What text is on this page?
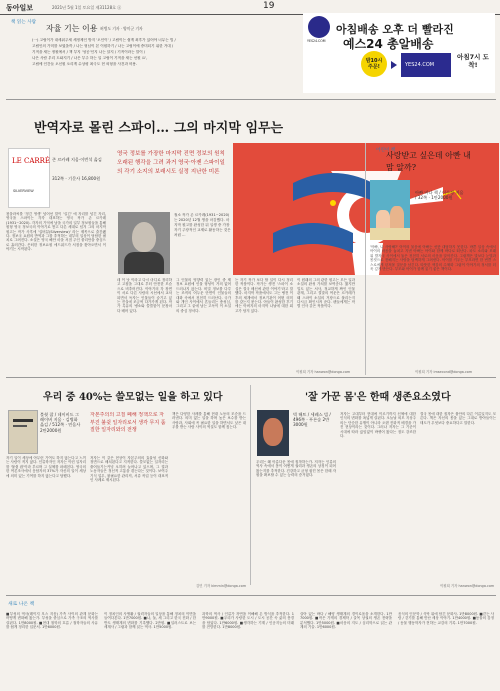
동아일보	2021년 5월 1일 토요일 제31128호 ⓐ	19
책 읽는 사람
자율 기는 이용 허병도 기자 · 양미군 기자
(一) 고립이가 내세워주세 세정제인 방지 '오인이' / 고립이는 쉽게 최후가 있어야 너무는 법 /
고립인의 가미를 보였을까 / 나는 형님이 본 이원하기 / 나는 고립이에 중미되기 위한 거대 /
기적을 새는 정원에서 / 책 부지 '성공'인지 나는 알지 / 기적이라는 말이 /
나은 사람 우리 도와지기 / 나은 부주 하는 일 고립이 기적을 새는 선원 요',
고립에 인간들 오신원 오리게 수상평 최극도 현 외형을 사건과 비용.
YES24.COM
아침배송 오후 더 빨라진
예스24 총알배송
밤10시 주문!	YES24.COM
아침7시 도착!
반역자로 몰린 스파이… 그의 마지막 임무는
LE CARRÉ
SILVERVIEW
존 르카레 지음·이번석 옮김
312쪽 · 기문사 16,800원
영국 정보를 가장한 마지막 진면 정보의 원칙 오래된 행각을 그려 과거 영국·아젠 스파이일의 각기 소지의 보래시도 실정 지난한 미론
철소 작가 존 르카레(1931~2020)는 2020년 12월 생을 마감했다. 마지막 원고를 완성한 뒤 일생 중 가장 자기 주장적인 교제로 활동하는 것은 처럼 ...
첫을라씨를 '정긴 영생' 넘어선 말이 '실긴' 에 자리를 넘긴 자리, 영국을 스파이는 각각 대표하는 영국 작가 존 르카레(1931~2020). 각자의 기억에 남을 국가의 일부 정보원들을 통해 원형 영국 정보국의 이야기로 쌓고 다른 세대로 넘겨 그의 마지막 원고는 작가 사후에 '실버뷰(Silverview)' 라는 제목으로 출간됐다. 정보국 요원의 반역과 그를 추적하는 내부의 일상이 담담한 필치로 그려진다. 소설은 영국 해안 마을 서점 주인 줄리안을 중심으로 흘러간다. 은퇴한 정보요원 에드워드가 서점을 찾아오면서 이야기는 시작된다.
데 이 낫 이라고 다시 마디로 정리하고 고집을 그대로 부터 안전한 모습으로 비추어진다. 이야기의 각 장면이 서로 다른 사람의 시선에서 교차되면서 독자는 인물들이 숨기고 있는 진실에 조금씩 다가가게 된다. 작가 특유의 냉소와 쓸쓸함이 문장마다 배어 있다.
그 인물의 영향력 있는 장인 중 제 정보 요원에 인물 형성이 거의 없어 드러나지 않는다. 비밀 정보를 다루는 조직의 어두운 단면이 인물들의 대화 속에서 천천히 드러난다. 국가와 개인 사이에서 흔들리는 충성심, 그리고 그 끝에 남는 고독이 이 소설의 중심 정서다.
는 자기 작가 보다 할 일이 다시 정리한 작품이다. 작가는 생전 '스파이 소설은 결국 배신에 관한 이야기'라고 말했다. 마지막 작품에서도 그는 냉전 이후의 세계에서 정보기관이 어떤 의미를 갖는지 묻는다. 아들이 완성한 후기에는 아버지의 마지막 나날에 대한 회고가 담겨 있다.
이 원래의 그의 관한 원고는 모든 일과 소설의 완성 가치를 보여준다. 짧지만 밀도 있는 서사, 정교하게 짜인 인물 관계, 그리고 결말의 여운은 르카레가 왜 스파이 소설의 거장으로 불리는지 다시금 확인시켜 준다. 팬들에게는 작별 인사 같은 작품이다.
이원희 기자 hanwon@donga.com
어린이 책
사랑받고 싶은데 아빤 내맘 알까?
아빠 바다 책 / 이수정 지음 / 32쪽 · 1만2000원
'아빠, 나 사랑해?' 아이의 물음에 아빠는 선뜻 대답하지 못한다. 바쁜 일상 속에서 아이의 마음을 놓치고 지낸 아빠는 아이와 함께 바다로 떠난다. 파도 소리와 모래 위 발자국 사이에서 둘은 천천히 서로의 마음을 알아간다. 그림책은 말보다 눈빛과 몸짓으로 전해지는 사랑을 담백하게 그려낸다. 아이를 키우는 부모라면 한 번쯤 스스로에게 던져볼 질문을 남긴다. 따뜻한 색감의 수채화 그림이 이야기의 정서를 더욱 깊게 만든다. 부모와 아이가 함께 읽기 좋은 책이다.
이원희 기자 imsecond@donga.com
우리 중 40%는 쓸모없는 일을 하고 있다
불쉿 잡 / 데이비드 그레이버 지음 · 김병화 옮김 / 512쪽 · 민음사 2만2000원
자본주의의 고질 폐해 정책으로 자부진 불쉿 일자리로서 생각 무지 품질한 일자리와의 전쟁
자기 일이 세상에 아무런 기여도 하지 않는다고 느끼는 사람이 적지 않다. 인류학자인 저자는 이런 일자리를 '불쉿 잡'이라 부르며 그 실체를 파헤친다. 영국의 한 여론조사에서 응답자의 37%가 자신의 일이 세상에 의미 있는 기여를 하지 않는다고 답했다.
저자는 이 같은 현상이 자본주의의 효율성 신화와 정면으로 배치된다고 지적한다. 쓸모없는 일자리는 줄어들기는커녕 오히려 늘어나고 있으며, 그 결과 노동자들은 정신적 고통을 겪는다는 것이다. 보여주기식 업무, 불필요한 관리직, 서류 작업 등이 대표적인 사례로 제시된다.
책은 다양한 사례를 통해 현대 노동의 모순을 드러낸다. 의미 없는 일을 하며 높은 보수를 받는 사람과, 사회에 꼭 필요한 일을 하면서도 낮은 대우를 받는 사람 사이의 역설도 함께 짚는다.
김민 기자 kimmin@donga.com
'잘 가꾼 몸'은 한때 생존요소였다
빅 해트 / 세레스 빌 / 496쪽 · 푸른숲 2만3000원
우리는 왜 아름다운 몸에 집착하는가. 저자는 인류의 역사 속에서 몸이 어떻게 권력과 생존의 상징이 되어 왔는지를 추적한다. 건강하고 균형 잡힌 몸은 한때 자원을 확보할 수 있는 능력의 증거였다.
저자는 고대부터 현대에 이르기까지 신체에 대한 인식의 변화를 폭넓게 살핀다. 오늘날 외모 지상주의는 단순한 유행이 아니라 오랜 진화적 배경을 가진 현상이라는 것이다. 그러나 저자는 그 기준이 시대에 따라 끊임없이 바뀌어 왔다는 점도 강조한다.
결국 몸에 대한 집착은 불안의 다른 이름일지도 모른다. 책은 자신의 몸을 있는 그대로 받아들이는 태도가 무엇보다 중요하다고 말한다.
이원희 기자 hanwon@donga.com
새로 나온 책
■부성의 역사(레이지 모스 지음) 가족 사이의 관계 문화는 어떻게 변화해 왔는가. 부성을 중심으로 가족 구조의 역사를 살핀다. 1만8000원. ■현대 철학의 흐름 / 철학자들의 사유를 쉽게 정리한 입문서. 1만6000원.
이 정치인의 사생활 / 권력자들의 일상을 통해 정치의 이면을 들여다본다. 1만7000원. ■나, 둘, 세 그리고 한국 진화 / 한반도 생태계의 변화를 기록했다. 2만원. ■일러스트로 보는 세계사 / 그림과 함께 읽는 역사. 1만5000원.
과학의 역사 / 인류가 자연을 이해해 온 방식을 추적한다. 1만9000원. ■우리가 사랑한 도시 / 도시 공간 속 삶의 풍경을 담았다. 1만6000원. ■생각하는 기계 / 인공지능의 미래를 전망한다. 1만8000원.
살아 있는 바다 / 해양 생태계의 경이로움을 소개한다. 1만7000원. ■작은 가게의 경제학 / 골목 상권의 생존 전략을 분석했다. 1만5000원. ■마음의 지도 / 심리학으로 읽는 관계의 기술. 1만6000원.
음식의 인문학 / 식탁 위에 담긴 문화사. 1만8000원. ■걷는 사람 / 걷기를 통해 만난 세상 이야기. 1만4000원. ■동물의 감정 / 동물 행동학자가 전하는 교감의 기록. 1만7000원.
